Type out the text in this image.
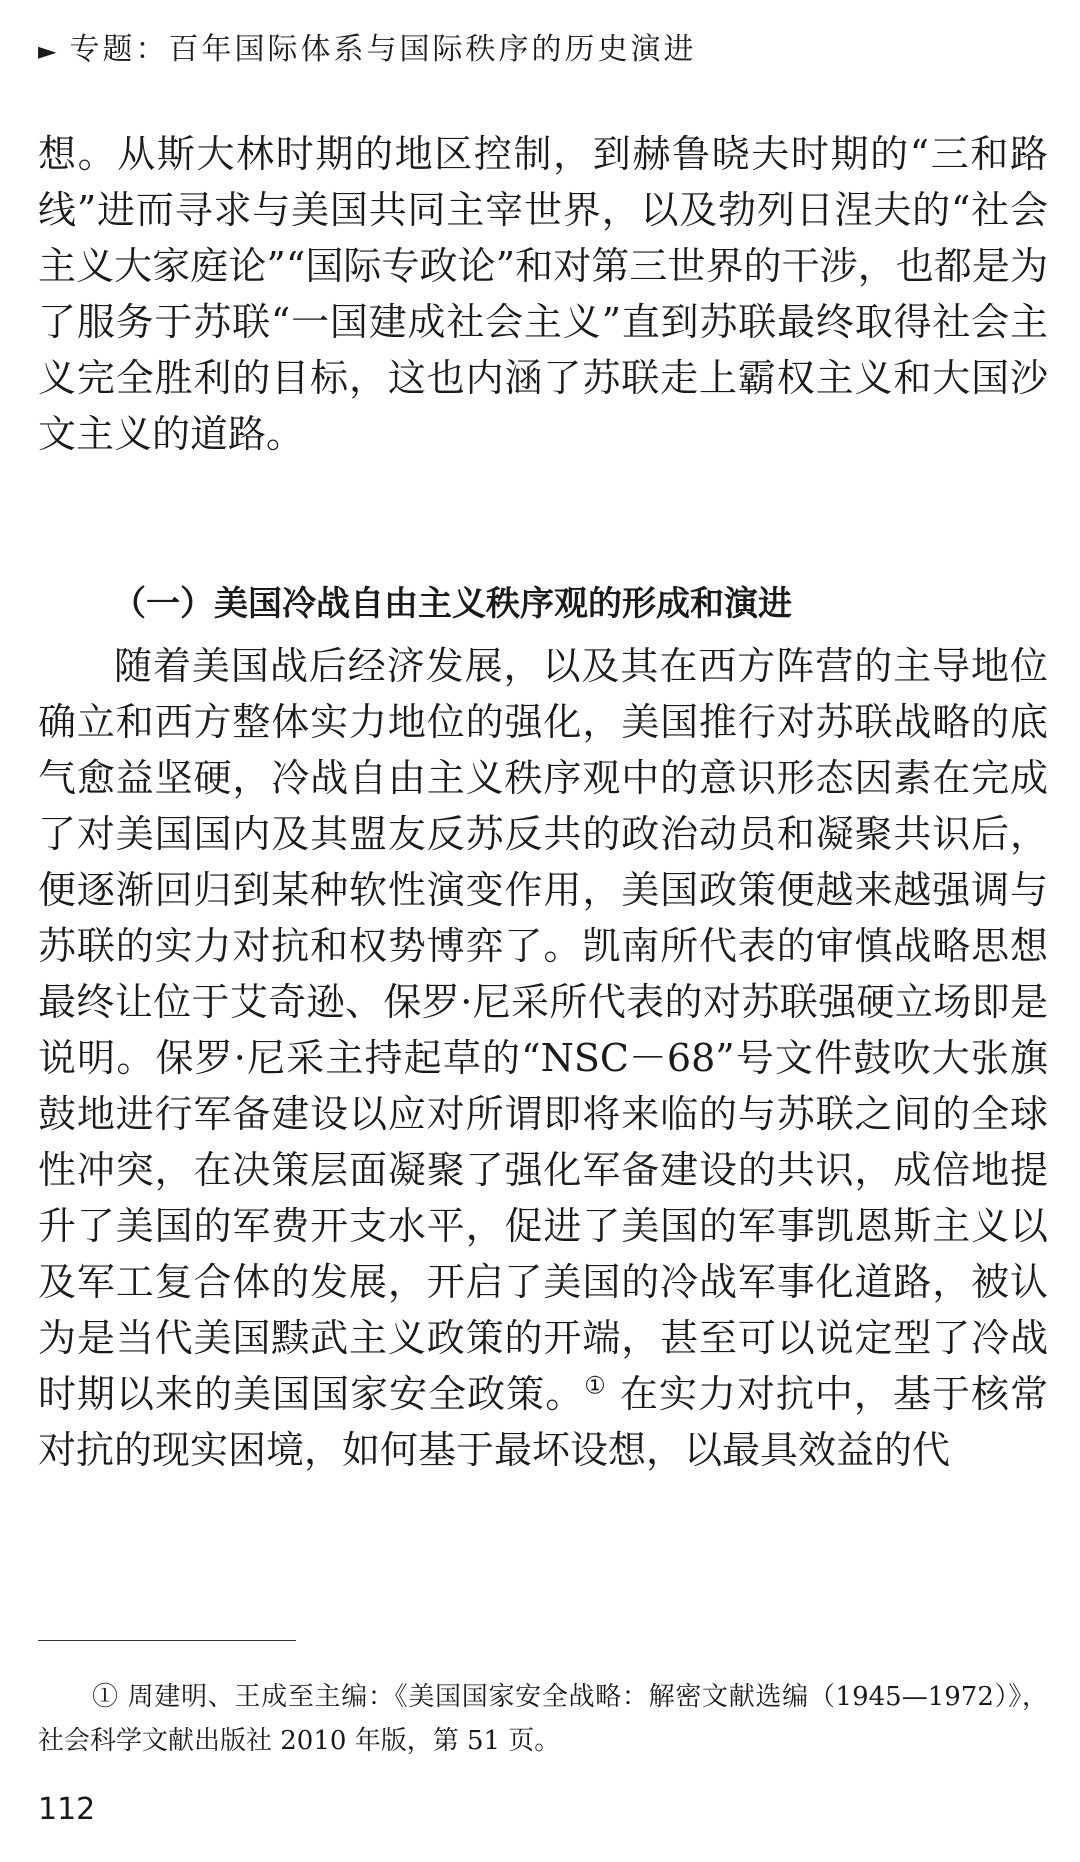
► 专题：百年国际体系与国际秩序的历史演进
想。从斯大林时期的地区控制，到赫鲁晓夫时期的“三和路线”进而寻求与美国共同主宰世界，以及勃列日涅夫的“社会主义大家庭论”“国际专政论”和对第三世界的干涉，也都是为了服务于苏联“一国建成社会主义”直到苏联最终取得社会主义完全胜利的目标，这也内涵了苏联走上霸权主义和大国沙文主义的道路。
（一）美国冷战自由主义秩序观的形成和演进
随着美国战后经济发展，以及其在西方阵营的主导地位确立和西方整体实力地位的强化，美国推行对苏联战略的底气愈益坚硬，冷战自由主义秩序观中的意识形态因素在完成了对美国国内及其盟友反苏反共的政治动员和凝聚共识后，便逐渐回归到某种软性演变作用，美国政策便越来越强调与苏联的实力对抗和权势博弈了。凯南所代表的审慎战略思想最终让位于艾奇逊、保罗·尼采所代表的对苏联强硬立场即是说明。保罗·尼采主持起草的“NSC－68”号文件鼓吹大张旗鼓地进行军备建设以应对所谓即将来临的与苏联之间的全球性冲突，在决策层面凝聚了强化军备建设的共识，成倍地提升了美国的军费开支水平，促进了美国的军事凯恩斯主义以及军工复合体的发展，开启了美国的冷战军事化道路，被认为是当代美国黩武主义政策的开端，甚至可以说定型了冷战时期以来的美国国家安全政策。① 在实力对抗中，基于核常对抗的现实困境，如何基于最坏设想，以最具效益的代
① 周建明、王成至主编：《美国国家安全战略：解密文献选编（1945—1972）》，社会科学文献出版社 2010 年版，第 51 页。
112
